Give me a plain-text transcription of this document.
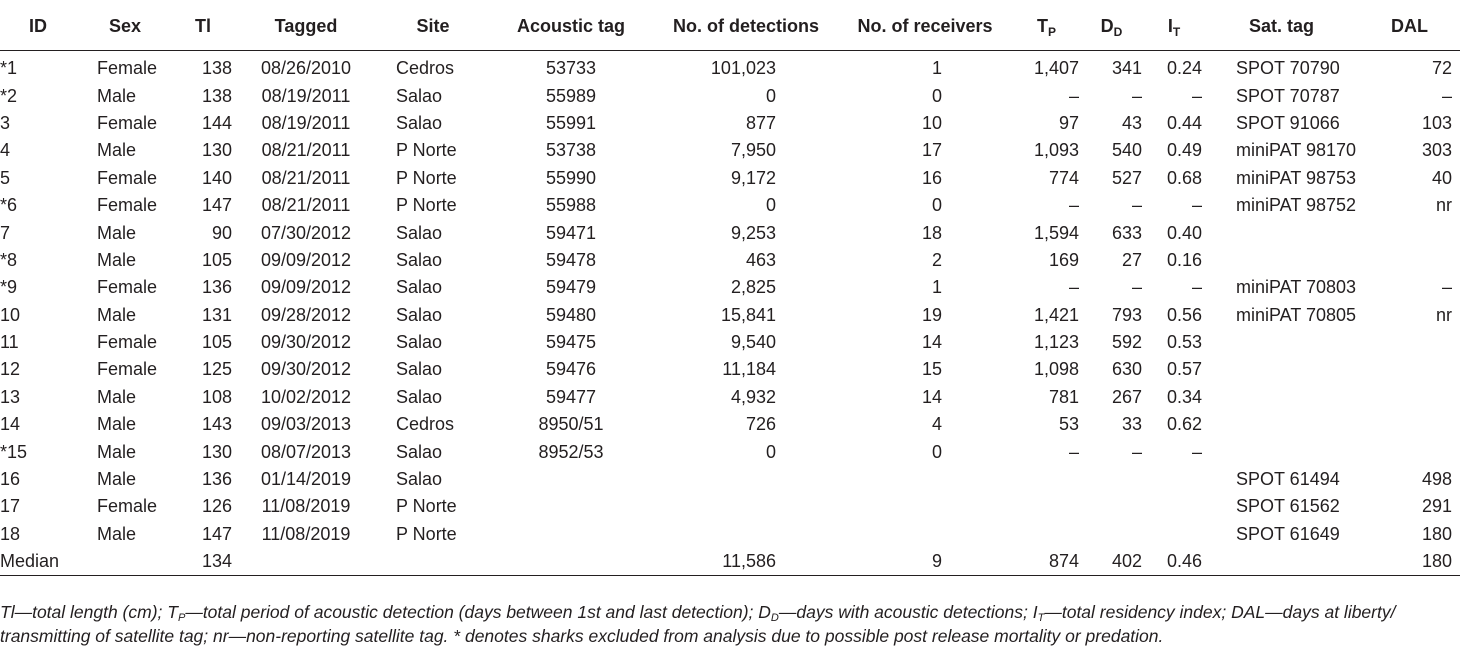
ID	Sex	Tl	Tagged	Site	Acoustic tag	No. of detections	No. of receivers	$T_P$	$D_D$	$I_T$	Sat. tag	DAL
*1	Female	138	08/26/2010	Cedros	53733	101,023	1	1,407	341	0.24	SPOT 70790	72
*2	Male	138	08/19/2011	Salao	55989	0	0	–	–	–	SPOT 70787	–
3	Female	144	08/19/2011	Salao	55991	877	10	97	43	0.44	SPOT 91066	103
4	Male	130	08/21/2011	P Norte	53738	7,950	17	1,093	540	0.49	miniPAT 98170	303
5	Female	140	08/21/2011	P Norte	55990	9,172	16	774	527	0.68	miniPAT 98753	40
*6	Female	147	08/21/2011	P Norte	55988	0	0	–	–	–	miniPAT 98752	nr
7	Male	90	07/30/2012	Salao	59471	9,253	18	1,594	633	0.40		
*8	Male	105	09/09/2012	Salao	59478	463	2	169	27	0.16		
*9	Female	136	09/09/2012	Salao	59479	2,825	1	–	–	–	miniPAT 70803	–
10	Male	131	09/28/2012	Salao	59480	15,841	19	1,421	793	0.56	miniPAT 70805	nr
11	Female	105	09/30/2012	Salao	59475	9,540	14	1,123	592	0.53		
12	Female	125	09/30/2012	Salao	59476	11,184	15	1,098	630	0.57		
13	Male	108	10/02/2012	Salao	59477	4,932	14	781	267	0.34		
14	Male	143	09/03/2013	Cedros	8950/51	726	4	53	33	0.62		
*15	Male	130	08/07/2013	Salao	8952/53	0	0	–	–	–		
16	Male	136	01/14/2019	Salao							SPOT 61494	498
17	Female	126	11/08/2019	P Norte							SPOT 61562	291
18	Male	147	11/08/2019	P Norte							SPOT 61649	180
Median		134				11,586	9	874	402	0.46		180
Tl—total length (cm); $T_P—total$ period of acoustic detection (days between 1st and last detection); $D_D—days$ with acoustic detections; $I_T—total$ residency index; DAL—days at liberty/
transmitting of satellite tag; nr—non-reporting satellite tag. * denotes sharks excluded from analysis due to possible post release mortality or predation.
